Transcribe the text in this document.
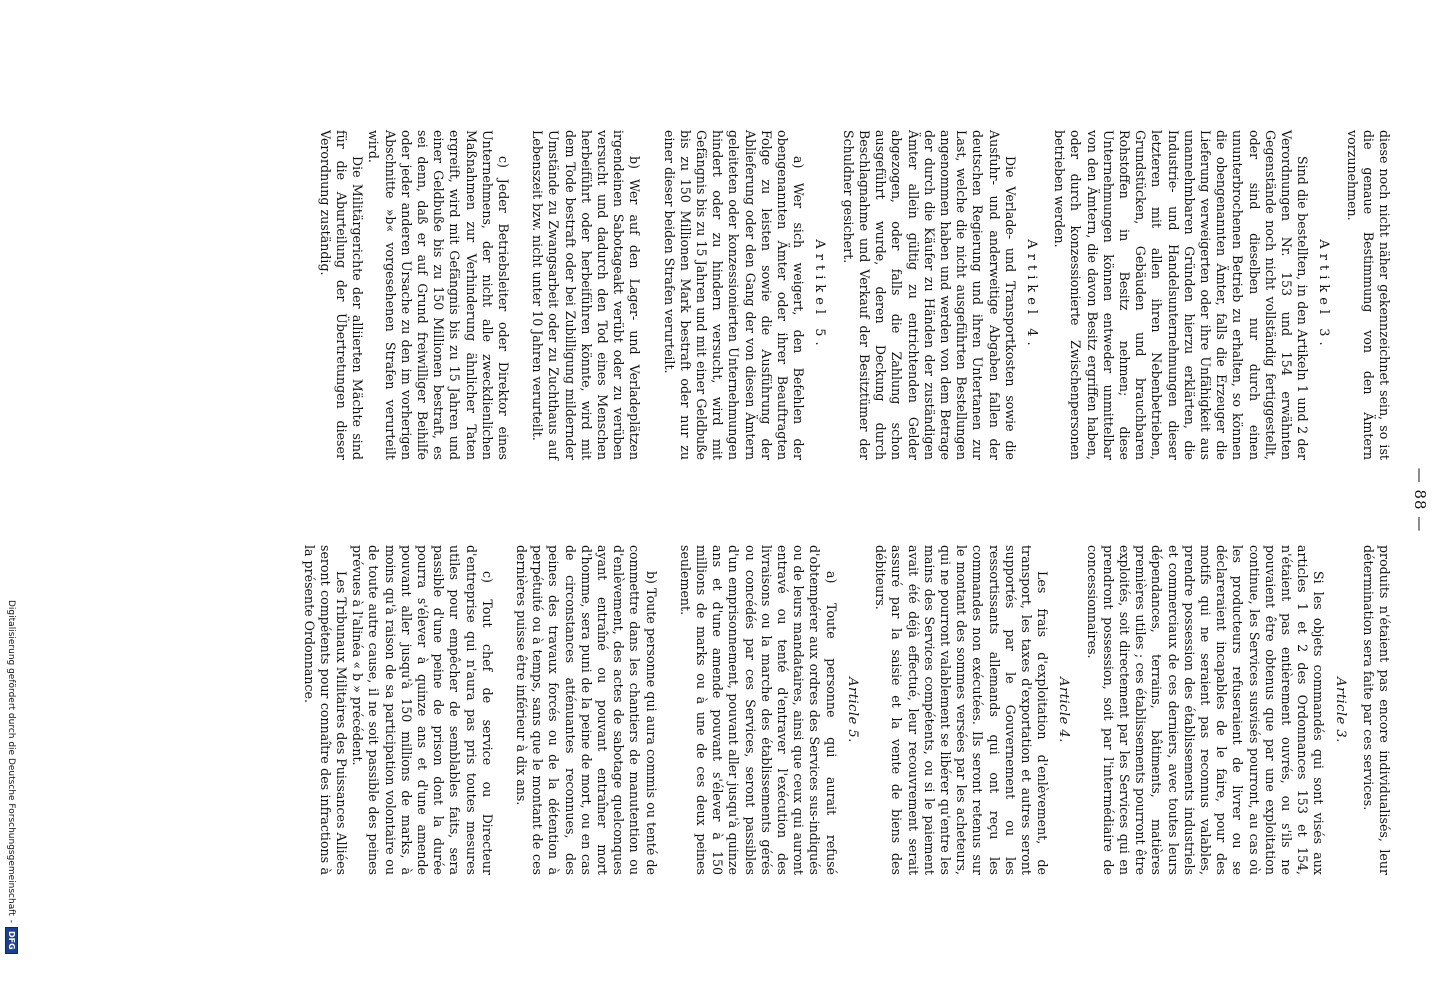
— 88 —

diese noch nicht näher gekennzeichnet sein, so ist die genaue Bestimmung von den Ämtern vorzunehmen.

Artikel 3.

Sind die bestellten, in den Artikeln 1 und 2 der Verordnungen Nr. 153 und 154 erwähnten Gegenstände noch nicht vollständig fertiggestellt, oder sind dieselben nur durch einen ununterbrochenen Betrieb zu erhalten, so können die obengenannten Ämter, falls die Erzeuger die Lieferung verweigerten oder ihre Unfähigkeit aus unannehmbaren Gründen hierzu erklärten, die Industrie- und Handelsunternehmungen dieser letzteren mit allen ihren Nebenbetrieben, Grundstücken, Gebäuden und brauchbaren Rohstoffen in Besitz nehmen; diese Unternehmungen können entweder unmittelbar von den Ämtern, die davon Besitz ergriffen haben, oder durch konzessionierte Zwischenpersonen betrieben werden.

Artikel 4.

Die Verlade- und Transportkosten sowie die Ausfuhr- und anderweitige Abgaben fallen der deutschen Regierung und ihren Untertanen zur Last, welche die nicht ausgeführten Bestellungen angenommen haben und werden von dem Betrage der durch die Käufer zu Händen der zuständigen Ämter allein gültig zu entrichtenden Gelder abgezogen, oder falls die Zahlung schon ausgeführt wurde, deren Deckung durch Beschlagnahme und Verkauf der Besitztümer der Schuldner gesichert.

Artikel 5.

a) Wer sich weigert, den Befehlen der obengenannten Ämter oder ihrer Beauftragten Folge zu leisten sowie die Ausführung der Ablieferung oder den Gang der von diesen Ämtern geleiteten oder konzessionierten Unternehmungen hindert oder zu hindern versucht, wird mit Gefängnis bis zu 15 Jahren und mit einer Geldbuße bis zu 150 Millionen Mark bestraft oder nur zu einer dieser beiden Strafen verurteilt.

b) Wer auf den Lager- und Verladeplätzen irgendeinen Sabotageakt verübt oder zu verüben versucht und dadurch den Tod eines Menschen herbeiführt oder herbeiführen könnte, wird mit dem Tode bestraft oder bei Zubilligung mildernder Umstände zu Zwangsarbeit oder zu Zuchthaus auf Lebenszeit bzw. nicht unter 10 Jahren verurteilt.

c) Jeder Betriebsleiter oder Direktor eines Unternehmens, der nicht alle zweckdienlichen Maßnahmen zur Verhinderung ähnlicher Taten ergreift, wird mit Gefängnis bis zu 15 Jahren und einer Geldbuße bis zu 150 Millionen bestraft, es sei denn, daß er auf Grund freiwilliger Beihilfe oder jeder anderen Ursache zu den im vorherigen Abschnitte »b« vorgesehenen Strafen verurteilt wird.

Die Militärgerichte der alliierten Mächte sind für die Aburteilung der Übertretungen dieser Verordnung zuständig.

produits n'étaient pas encore individualisés, leur détermination sera faite par ces services.

Article 3.

Si les objets commandés qui sont visés aux articles 1 et 2 des Ordonnances 153 et 154, n'étaient pas entièrement ouvrés, ou s'ils ne pouvaient être obtenus que par une exploitation continue, les Services susvisés pourront, au cas où les producteurs refuseraient de livrer ou se déclareraient incapables de le faire, pour des motifs qui ne seraient pas reconnus valables, prendre possession des établissements industriels et commerciaux de ces derniers, avec toutes leurs dépendances, terrains, bâtiments, matières premières utiles ; ces établissements pourront être exploités, soit directement par les Services qui en prendront possession, soit par l'intermédiaire de concessionnaires.

Article 4.

Les frais d'exploitation d'enlèvement, de transport, les taxes d'exportation et autres seront supportés par le Gouvernement ou les ressortissants allemands qui ont reçu les commandes non exécutées. Ils seront retenus sur le montant des sommes versées par les acheteurs, qui ne pourront valablement se libérer qu'entre les mains des Services compétents, ou si le paiement avait été déjà effectué, leur recouvrement serait assuré par la saisie et la vente de biens des débiteurs.

Article 5.

a) Toute personne qui aurait refusé d'obtempérer aux ordres des Services sus-indiqués ou de leurs mandataires, ainsi que ceux qui auront entravé ou tenté d'entraver l'exécution des livraisons ou la marche des établissements gérés ou concédés par ces Services, seront passibles d'un emprisonnement, pouvant aller jusqu'à quinze ans et d'une amende pouvant s'élever à 150 millions de marks ou à une de ces deux peines seulement.

b) Toute personne qui aura commis ou tenté de commettre dans les chantiers de manutention ou d'enlèvement, des actes de sabotage quelconques ayant entraîné ou pouvant entraîner mort d'homme, sera puni de la peine de mort, ou en cas de circonstances atténuantes reconnues, des peines des travaux forcés ou de la détention à perpétuité ou à temps, sans que le montant de ces dernières puisse être inférieur à dix ans.

c) Tout chef de service ou Directeur d'entreprise qui n'aura pas pris toutes mesures utiles pour empêcher de semblables faits, sera passible d'une peine de prison dont la durée pourra s'élever à quinze ans et d'une amende pouvant aller jusqu'à 150 millions de marks, à moins qu'à raison de sa participation volontaire ou de toute autre cause, il ne soit passible des peines prévues à l'alinéa « b » précédent.

Les Tribunaux Militaires des Puissances Alliées seront compétents pour connaître des infractions à la présente Ordonnance.

Digitalisierung gefördert durch die Deutsche Forschungsgemeinschaft
-
DFG
